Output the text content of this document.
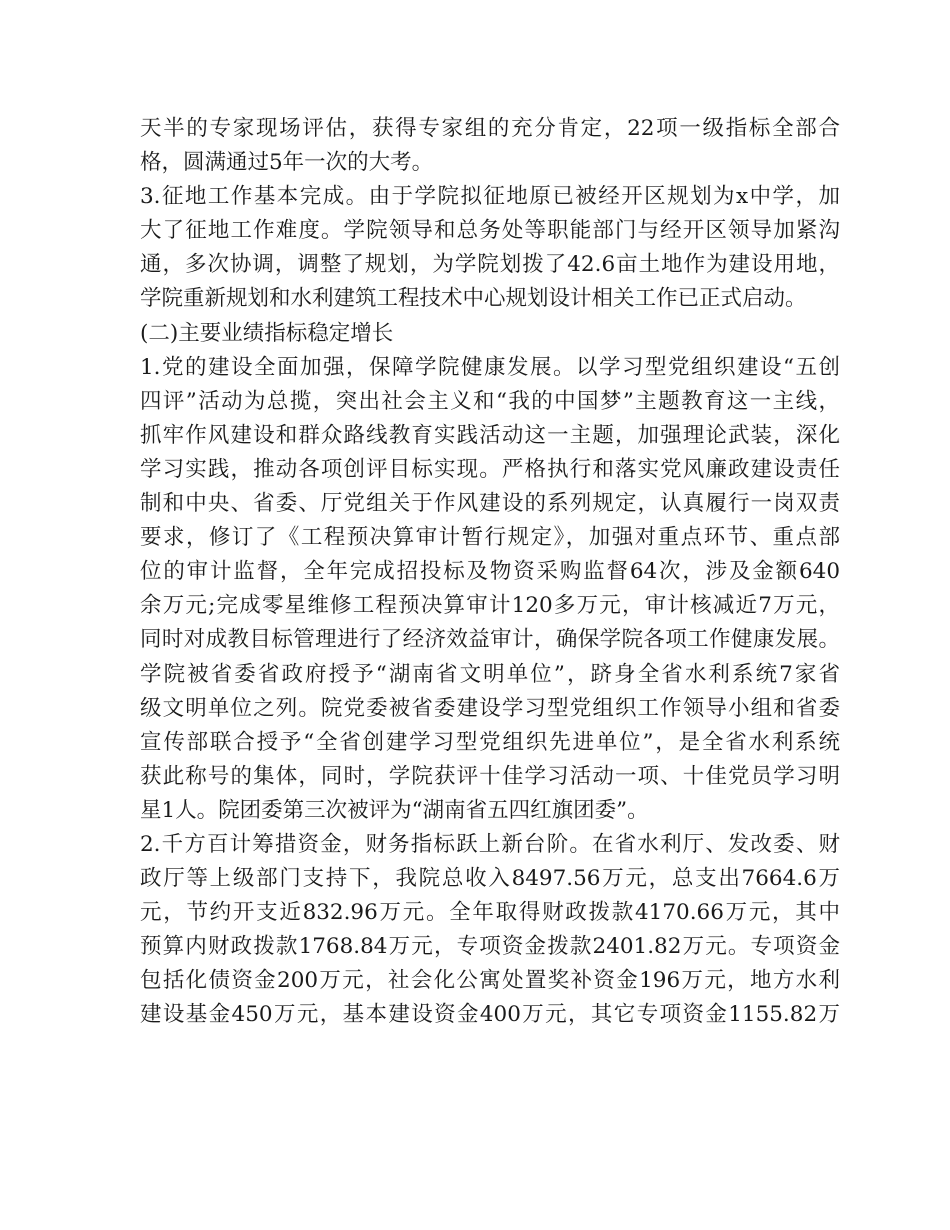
天半的专家现场评估，获得专家组的充分肯定，22项一级指标全部合
格，圆满通过5年一次的大考。
3.征地工作基本完成。由于学院拟征地原已被经开区规划为x中学，加
大了征地工作难度。学院领导和总务处等职能部门与经开区领导加紧沟
通，多次协调，调整了规划，为学院划拨了42.6亩土地作为建设用地，
学院重新规划和水利建筑工程技术中心规划设计相关工作已正式启动。
(二)主要业绩指标稳定增长
1.党的建设全面加强，保障学院健康发展。以学习型党组织建设“五创
四评”活动为总揽，突出社会主义和“我的中国梦”主题教育这一主线，
抓牢作风建设和群众路线教育实践活动这一主题，加强理论武装，深化
学习实践，推动各项创评目标实现。严格执行和落实党风廉政建设责任
制和中央、省委、厅党组关于作风建设的系列规定，认真履行一岗双责
要求，修订了《工程预决算审计暂行规定》，加强对重点环节、重点部
位的审计监督，全年完成招投标及物资采购监督64次，涉及金额640
余万元;完成零星维修工程预决算审计120多万元，审计核减近7万元，
同时对成教目标管理进行了经济效益审计，确保学院各项工作健康发展。
学院被省委省政府授予“湖南省文明单位”，跻身全省水利系统7家省
级文明单位之列。院党委被省委建设学习型党组织工作领导小组和省委
宣传部联合授予“全省创建学习型党组织先进单位”，是全省水利系统
获此称号的集体，同时，学院获评十佳学习活动一项、十佳党员学习明
星1人。院团委第三次被评为“湖南省五四红旗团委”。
2.千方百计筹措资金，财务指标跃上新台阶。在省水利厅、发改委、财
政厅等上级部门支持下，我院总收入8497.56万元，总支出7664.6万
元，节约开支近832.96万元。全年取得财政拨款4170.66万元，其中
预算内财政拨款1768.84万元，专项资金拨款2401.82万元。专项资金
包括化债资金200万元，社会化公寓处置奖补资金196万元，地方水利
建设基金450万元，基本建设资金400万元，其它专项资金1155.82万
